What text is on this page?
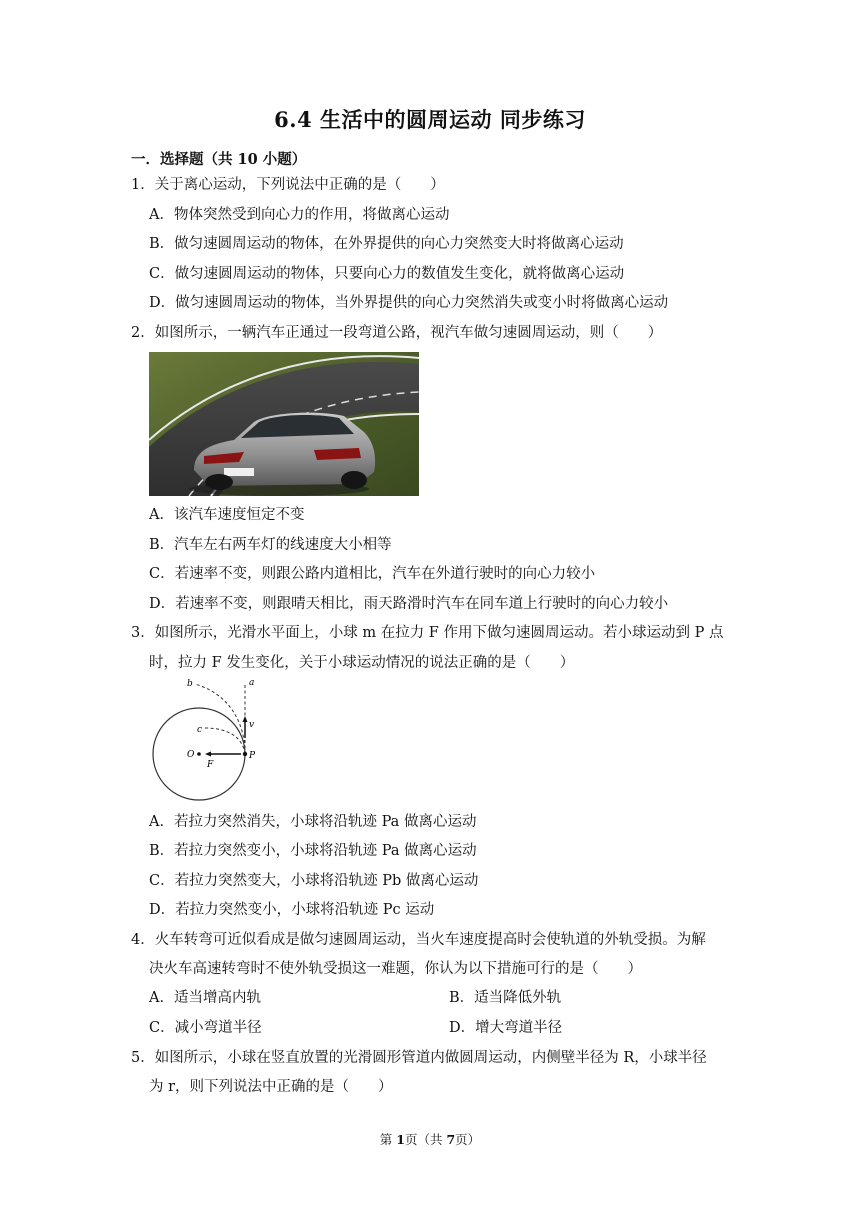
6.4 生活中的圆周运动 同步练习
一．选择题（共 10 小题）
1．关于离心运动，下列说法中正确的是（　　）
A．物体突然受到向心力的作用，将做离心运动
B．做匀速圆周运动的物体，在外界提供的向心力突然变大时将做离心运动
C．做匀速圆周运动的物体，只要向心力的数值发生变化，就将做离心运动
D．做匀速圆周运动的物体，当外界提供的向心力突然消失或变小时将做离心运动
2．如图所示，一辆汽车正通过一段弯道公路，视汽车做匀速圆周运动，则（　　）
A．该汽车速度恒定不变
B．汽车左右两车灯的线速度大小相等
C．若速率不变，则跟公路内道相比，汽车在外道行驶时的向心力较小
D．若速率不变，则跟晴天相比，雨天路滑时汽车在同车道上行驶时的向心力较小
3．如图所示，光滑水平面上，小球 m 在拉力 F 作用下做匀速圆周运动。若小球运动到 P 点
时，拉力 F 发生变化，关于小球运动情况的说法正确的是（　　）
a
b
c	v
O
F
P
A．若拉力突然消失，小球将沿轨迹 Pa 做离心运动
B．若拉力突然变小，小球将沿轨迹 Pa 做离心运动
C．若拉力突然变大，小球将沿轨迹 Pb 做离心运动
D．若拉力突然变小，小球将沿轨迹 Pc 运动
4．火车转弯可近似看成是做匀速圆周运动，当火车速度提高时会使轨道的外轨受损。为解
决火车高速转弯时不使外轨受损这一难题，你认为以下措施可行的是（　　）
A．适当增高内轨	B．适当降低外轨
C．减小弯道半径	D．增大弯道半径
5．如图所示，小球在竖直放置的光滑圆形管道内做圆周运动，内侧壁半径为 R，小球半径
为 r，则下列说法中正确的是（　　）
第 1页（共 7页）
